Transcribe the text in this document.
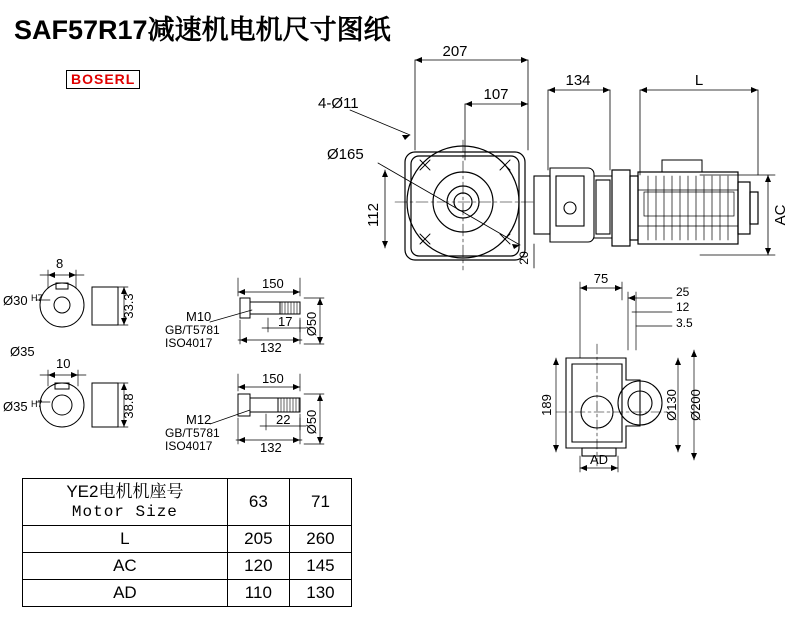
SAF57R17减速机电机尺寸图纸
BOSERL
207
107
134	L
4-Ø11
Ø165
112	AC
20
75
25
12
3.5
189	Ø130 Ø200
AD
8
Ø30 H7	33.3
Ø35
10
Ø35 H7	38.8
150
M10
GB/T5781
ISO4017
17
132
Ø50
150
M12
GB/T5781
ISO4017
22
132
Ø50
YE2电机机座号
Motor Size	63	71
L	205	260
AC	120	145
AD	110	130
